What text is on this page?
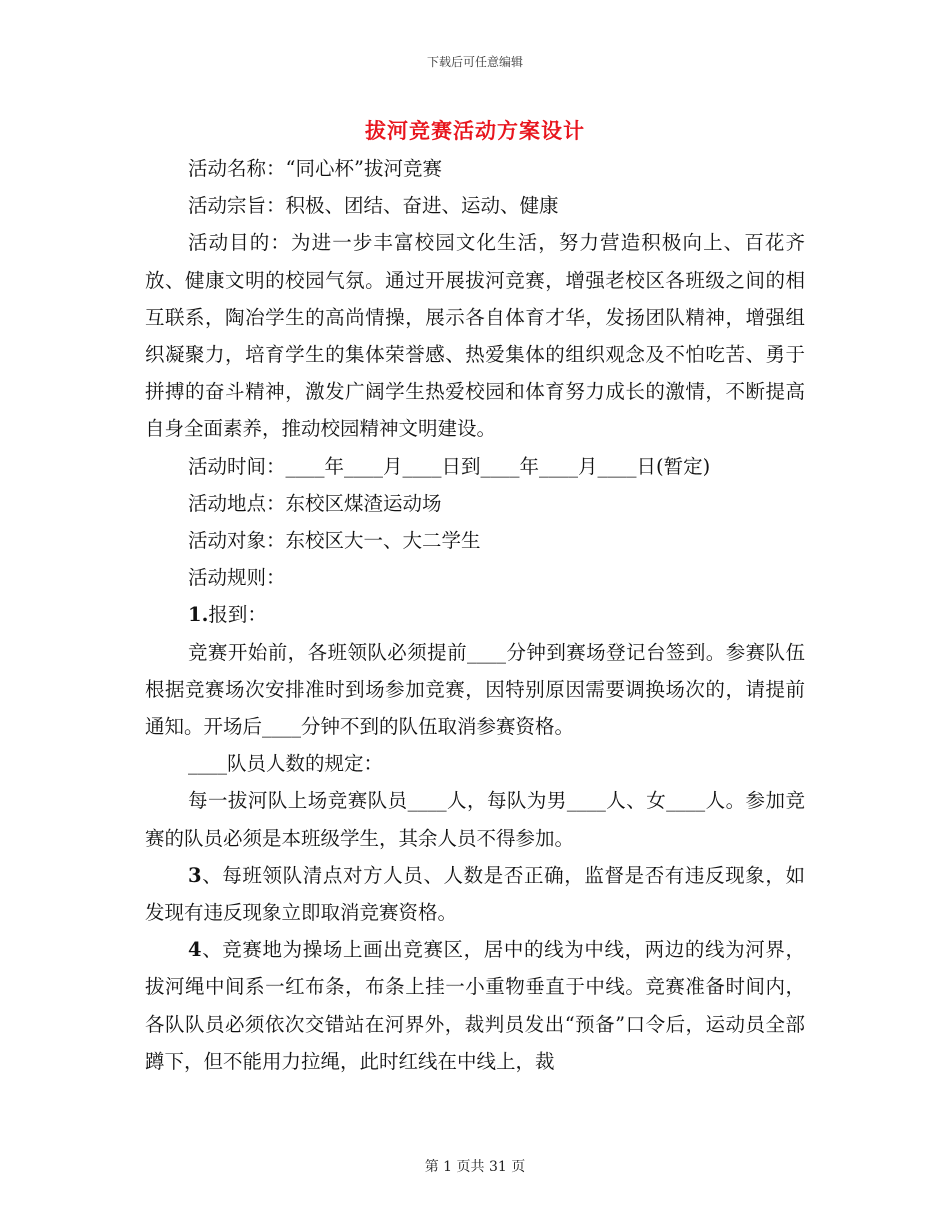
下载后可任意编辑
拔河竞赛活动方案设计

活动名称：“同心杯”拔河竞赛

活动宗旨：积极、团结、奋进、运动、健康

活动目的：为进一步丰富校园文化生活，努力营造积极向上、百花齐放、健康文明的校园气氛。通过开展拔河竞赛，增强老校区各班级之间的相互联系，陶冶学生的高尚情操，展示各自体育才华，发扬团队精神，增强组织凝聚力，培育学生的集体荣誉感、热爱集体的组织观念及不怕吃苦、勇于拼搏的奋斗精神，激发广阔学生热爱校园和体育努力成长的激情，不断提高自身全面素养，推动校园精神文明建设。

活动时间：____年____月____日到____年____月____日(暂定)

活动地点：东校区煤渣运动场

活动对象：东校区大一、大二学生

活动规则：

1.报到：

竞赛开始前，各班领队必须提前____分钟到赛场登记台签到。参赛队伍根据竞赛场次安排准时到场参加竞赛，因特别原因需要调换场次的，请提前通知。开场后____分钟不到的队伍取消参赛资格。

____队员人数的规定：

每一拔河队上场竞赛队员____人，每队为男____人、女____人。参加竞赛的队员必须是本班级学生，其余人员不得参加。

3、每班领队清点对方人员、人数是否正确，监督是否有违反现象，如发现有违反现象立即取消竞赛资格。

4、竞赛地为操场上画出竞赛区，居中的线为中线，两边的线为河界，拔河绳中间系一红布条，布条上挂一小重物垂直于中线。竞赛准备时间内，各队队员必须依次交错站在河界外，裁判员发出“预备”口令后，运动员全部蹲下，但不能用力拉绳，此时红线在中线上，裁

第 1 页共 31 页
